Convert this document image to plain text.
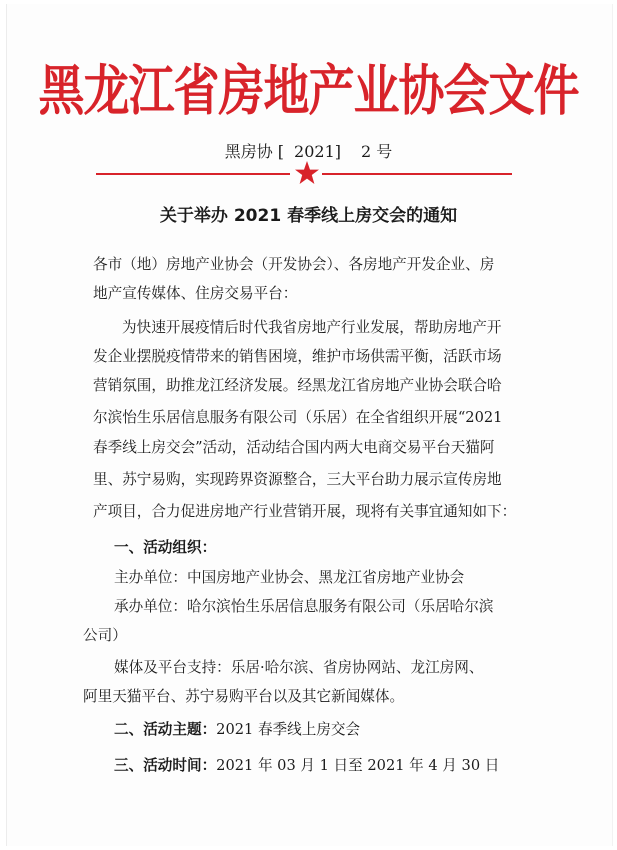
黑龙江省房地产业协会文件
黑房协 [ 2021] 2 号
关于举办 2021 春季线上房交会的通知
各市（地）房地产业协会（开发协会）、各房地产开发企业、房
地产宣传媒体、住房交易平台：
为快速开展疫情后时代我省房地产行业发展，帮助房地产开
发企业摆脱疫情带来的销售困境，维护市场供需平衡，活跃市场
营销氛围，助推龙江经济发展。经黑龙江省房地产业协会联合哈
尔滨怡生乐居信息服务有限公司（乐居）在全省组织开展“2021
春季线上房交会”活动，活动结合国内两大电商交易平台天猫阿
里、苏宁易购，实现跨界资源整合，三大平台助力展示宣传房地
产项目，合力促进房地产行业营销开展，现将有关事宜通知如下：
一、活动组织：
主办单位：中国房地产业协会、黑龙江省房地产业协会
承办单位：哈尔滨怡生乐居信息服务有限公司（乐居哈尔滨
公司）
媒体及平台支持：乐居·哈尔滨、省房协网站、龙江房网、
阿里天猫平台、苏宁易购平台以及其它新闻媒体。
二、活动主题：2021 春季线上房交会
三、活动时间：2021 年 03 月 1 日至 2021 年 4 月 30 日
